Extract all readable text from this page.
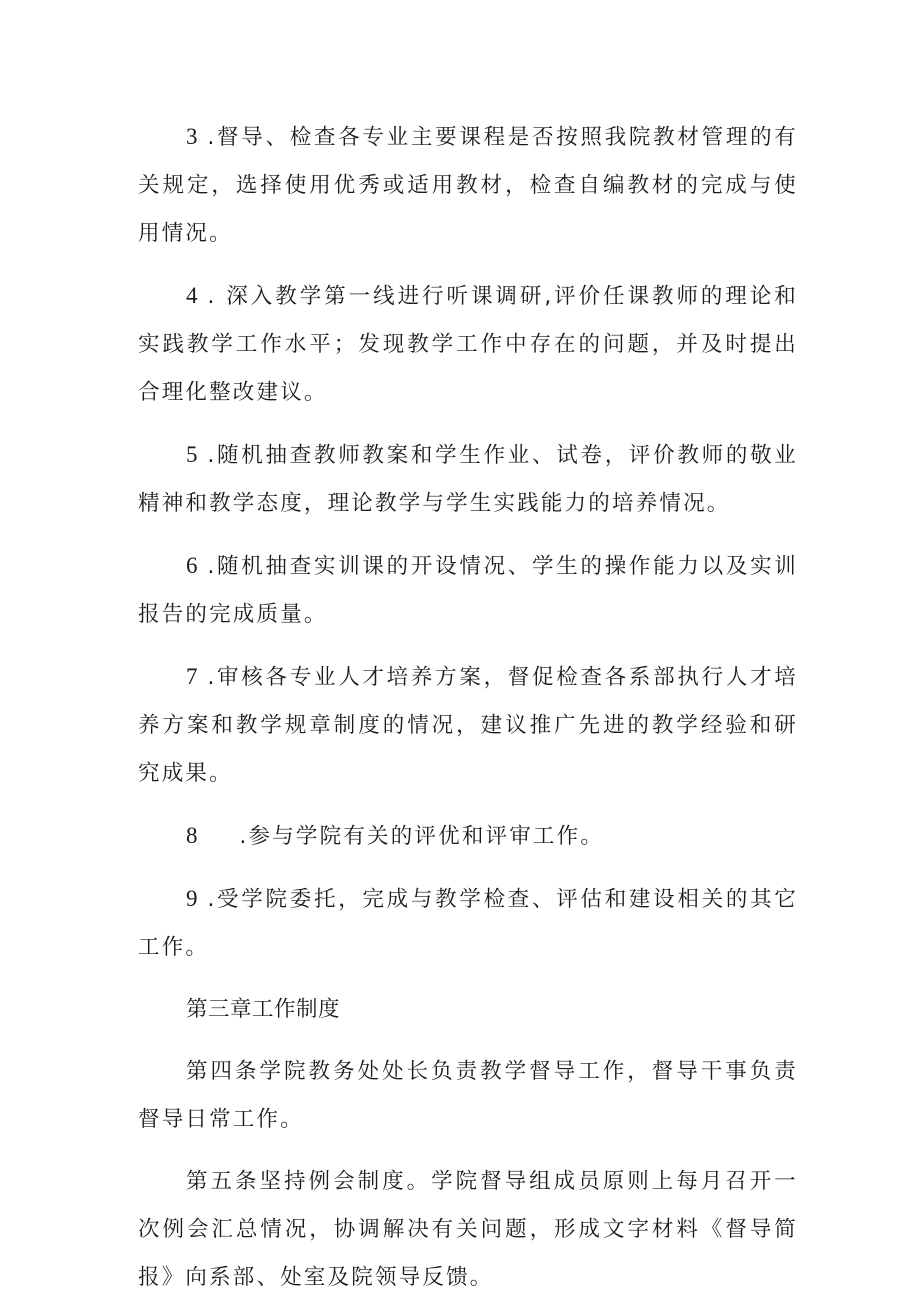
3 .督导、检查各专业主要课程是否按照我院教材管理的有关规定，选择使用优秀或适用教材，检查自编教材的完成与使用情况。

4 . 深入教学第一线进行听课调研,评价任课教师的理论和实践教学工作水平；发现教学工作中存在的问题，并及时提出合理化整改建议。

5 .随机抽查教师教案和学生作业、试卷，评价教师的敬业精神和教学态度，理论教学与学生实践能力的培养情况。

6 .随机抽查实训课的开设情况、学生的操作能力以及实训报告的完成质量。

7 .审核各专业人才培养方案，督促检查各系部执行人才培养方案和教学规章制度的情况，建议推广先进的教学经验和研究成果。

8 .参与学院有关的评优和评审工作。

9 .受学院委托，完成与教学检查、评估和建设相关的其它工作。

第三章工作制度

第四条学院教务处处长负责教学督导工作，督导干事负责督导日常工作。

第五条坚持例会制度。学院督导组成员原则上每月召开一次例会汇总情况，协调解决有关问题，形成文字材料《督导简报》向系部、处室及院领导反馈。
